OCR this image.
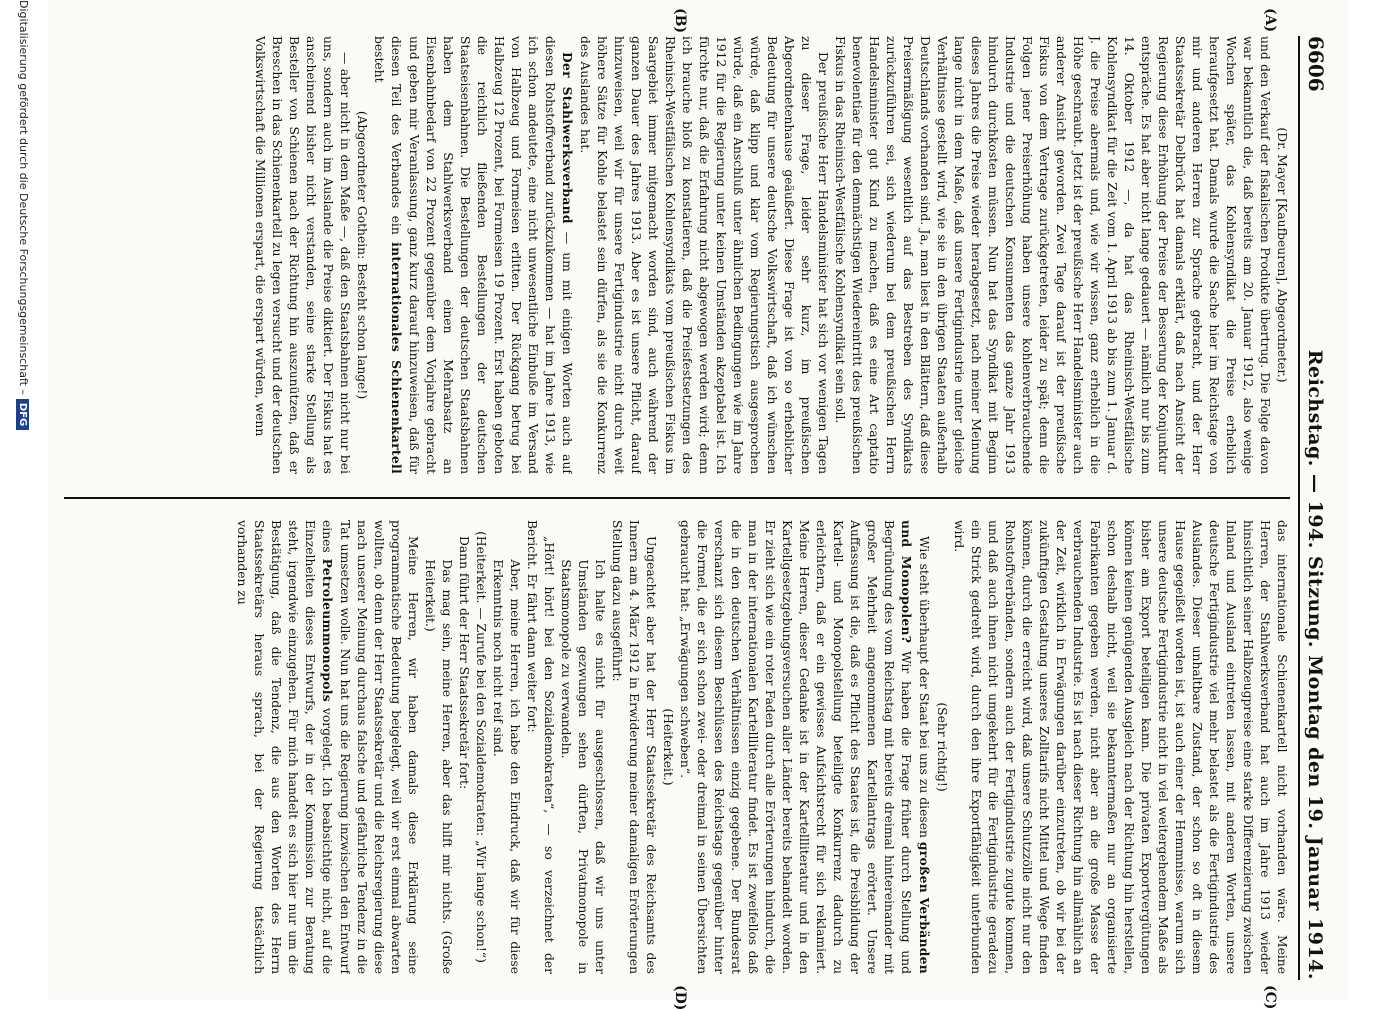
6606
Reichstag. — 194. Sitzung. Montag den 19. Januar 1914.
(A)
(B)
(C)
(D)

(Dr. Mayer [Kaufbeuren], Abgeordneter.)

und den Verkauf der fiskalischen Produkte übertrug. Die Folge davon war bekanntlich die, daß bereits am 20. Januar 1912, also wenige Wochen später, das Kohlensyndikat die Preise erheblich heraufgesetzt hat. Damals wurde die Sache hier im Reichstage von mir und anderen Herren zur Sprache gebracht, und der Herr Staatssekretär Delbrück hat damals erklärt, daß nach Ansicht der Regierung diese Erhöhung der Preise der Besserung der Konjunktur entspräche. Es hat aber nicht lange gedauert — nämlich nur bis zum 14. Oktober 1912 —, da hat das Rheinisch-Westfälische Kohlensyndikat für die Zeit vom 1. April 1913 ab bis zum 1. Januar d. J. die Preise abermals und, wie wir wissen, ganz erheblich in die Höhe geschraubt. Jetzt ist der preußische Herr Handelsminister auch anderer Ansicht geworden. Zwei Tage darauf ist der preußische Fiskus von dem Vertrage zurückgetreten, leider zu spät; denn die Folgen jener Preiserhöhung haben unsere kohlenverbrauchende Industrie und die deutschen Konsumenten das ganze Jahr 1913 hindurch durchkosten müssen. Nun hat das Syndikat mit Beginn dieses Jahres die Preise wieder herabgesetzt, nach meiner Meinung lange nicht in dem Maße, daß unsere Fertigindustrie unter gleiche Verhältnisse gestellt wird, wie sie in den übrigen Staaten außerhalb Deutschlands vorhanden sind. Ja, man liest in den Blättern, daß diese Preisermäßigung wesentlich auf das Bestreben des Syndikats zurückzuführen sei, sich wiederum bei dem preußischen Herrn Handelsminister gut Kind zu machen, daß es eine Art captatio benevolentiae für den demnächstigen Wiedereintritt des preußischen Fiskus in das Rheinisch-Westfälische Kohlensyndikat sein soll.

Der preußische Herr Handelsminister hat sich vor wenigen Tagen zu dieser Frage, leider sehr kurz, im preußischen Abgeordnetenhause geäußert. Diese Frage ist von so erheblicher Bedeutung für unsere deutsche Volkswirtschaft, daß ich wünschen würde, daß klipp und klar vom Regierungstisch ausgesprochen würde, daß ein Anschluß unter ähnlichen Bedingungen wie im Jahre 1912 für die Regierung unter keinen Umständen akzeptabel ist. Ich fürchte nur, daß die Erfahrung nicht abgewogen werden wird; denn ich brauche bloß zu konstatieren, daß die Preisfestsetzungen des Rheinisch-Westfälischen Kohlensyndikats vom preußischen Fiskus im Saargebiet immer mitgemacht worden sind, auch während der ganzen Dauer des Jahres 1913. Aber es ist unsere Pflicht, darauf hinzuweisen, weil wir für unsere Fertigindustrie nicht durch weit höhere Sätze für Kohle belastet sein dürfen, als sie die Konkurrenz des Auslandes hat.

Der Stahlwerksverband — um mit einigen Worten auch auf diesen Rohstoffverband zurückzukommen — hat im Jahre 1913, wie ich schon andeutete, eine nicht unwesentliche Einbuße im Versand von Halbzeug und Formeisen erlitten. Der Rückgang betrug bei Halbzeug 12 Prozent, bei Formeisen 19 Prozent. Erst haben geboten die reichlich fließenden Bestellungen der deutschen Staatseisenbahnen. Die Bestellungen der deutschen Staatsbahnen haben dem Stahlwerksverband einen Mehrabsatz an Eisenbahnbedarf von 22 Prozent gegenüber dem Vorjahre gebracht und geben mir Veranlassung, ganz kurz darauf hinzuweisen, daß für diesen Teil des Verbandes ein internationales Schienenkartell besteht

(Abgeordneter Gothein: Besteht schon lange!)

— aber nicht in dem Maße —, daß den Staatsbahnen nicht nur bei uns, sondern auch im Auslande die Preise diktiert. Der Fiskus hat es anscheinend bisher nicht verstanden, seine starke Stellung als Besteller von Schienen nach der Richtung hin auszunützen, daß er Breschen in das Schienenkartell zu legen versucht und der deutschen Volkswirtschaft die Millionen erspart, die erspart würden, wenn

das internationale Schienenkartell nicht vorhanden wäre. Meine Herren, der Stahlwerksverband hat auch im Jahre 1913 wieder hinsichtlich seiner Halbzeugpreise eine starke Differenzierung zwischen Inland und Ausland eintreten lassen, mit anderen Worten, unsere deutsche Fertigindustrie viel mehr belastet als die Fertigindustrie des Auslandes. Dieser unhaltbare Zustand, der schon so oft in diesem Hause gegeißelt worden ist, ist auch einer der Hemmnisse, warum sich unsere deutsche Fertigindustrie nicht in viel weitergehendem Maße als bisher am Export beteiligen kann. Die privaten Exportvergütungen können keinen genügenden Ausgleich nach der Richtung hin herstellen, schon deshalb nicht, weil sie bekanntermaßen nur an organisierte Fabrikanten gegeben werden, nicht aber an die große Masse der verbrauchenden Industrie. Es ist nach dieser Richtung hin allmählich an der Zeit, wirklich in Erwägungen darüber einzutreten, ob wir bei der zukünftigen Gestaltung unseres Zolltarifs nicht Mittel und Wege finden können, durch die erreicht wird, daß unsere Schutzzölle nicht nur den Rohstoffverbänden, sondern auch der Fertigindustrie zugute kommen, und daß auch ihnen nicht umgekehrt für die Fertigindustrie geradezu ein Strick gedreht wird, durch den ihre Exportfähigkeit unterbunden wird.

(Sehr richtig!)

Wie steht überhaupt der Staat bei uns zu diesen großen Verbänden und Monopolen? Wir haben die Frage früher durch Stellung und Begründung des vom Reichstag mit bereits dreimal hintereinander mit großer Mehrheit angenommenen Kartellantrags erörtert. Unsere Auffassung ist die, daß es Pflicht des Staates ist, die Preisbildung der Kartell- und Monopolstellung beteiligte Konkurrenz dadurch zu erleichtern, daß er ein gewisses Aufsichtsrecht für sich reklamiert. Meine Herren, dieser Gedanke ist in der Kartellliteratur und in den Kartellgesetzgebungsversuchen aller Länder bereits behandelt worden. Er zieht sich wie ein roter Faden durch alle Erörterungen hindurch, die man in der internationalen Kartellliteratur findet. Es ist zweifellos daß die in den deutschen Verhältnissen einzig gegebene. Der Bundesrat verschanzt sich diesem Beschlüssen des Reichstags gegenüber hinter die Formel, die er sich schon zwei- oder dreimal in seinen Übersichten gebraucht hat: „Erwägungen schweben“.

(Heiterkeit.)

Ungeachtet aber hat der Herr Staatssekretär des Reichsamts des Innern am 4. März 1912 in Erwiderung meiner damaligen Erörterungen Stellung dazu ausgeführt:

Ich halte es nicht für ausgeschlossen, daß wir uns unter Umständen gezwungen sehen dürften, Privatmonopole in Staatsmonopole zu verwandeln.

„Hört! hört! bei den Sozialdemokraten“, — so verzeichnet der Bericht. Er fährt dann weiter fort:

Aber, meine Herren, ich habe den Eindruck, daß wir für diese Erkenntnis noch nicht reif sind.

(Heiterkeit. — Zurufe bei den Sozialdemokraten: „Wir lange schon!“)

Dann führt der Herr Staatssekretär fort:

Das mag sein, meine Herren, aber das hilft mir nichts. (Große Heiterkeit.)

Meine Herren, wir haben damals diese Erklärung seine programmatische Bedeutung beigelegt, weil wir erst einmal abwarten wollten, ob denn der Herr Staatssekretär und die Reichsregierung diese nach unserer Meinung durchaus falsche und gefährliche Tendenz in die Tat umsetzen wolle. Nun hat uns die Regierung inzwischen den Entwurf eines Petroleummonopols vorgelegt. Ich beabsichtige nicht, auf die Einzelheiten dieses Entwurfs, der in der Kommission zur Beratung steht, irgendwie einzugehen. Für mich handelt es sich hier nur um die Bestätigung, daß die Tendenz, die aus den Worten des Herrn Staatssekretärs heraus sprach, bei der Regierung tatsächlich vorhanden zu

Digitalisierung gefördert durch die Deutsche Forschungsgemeinschaft –DFG
